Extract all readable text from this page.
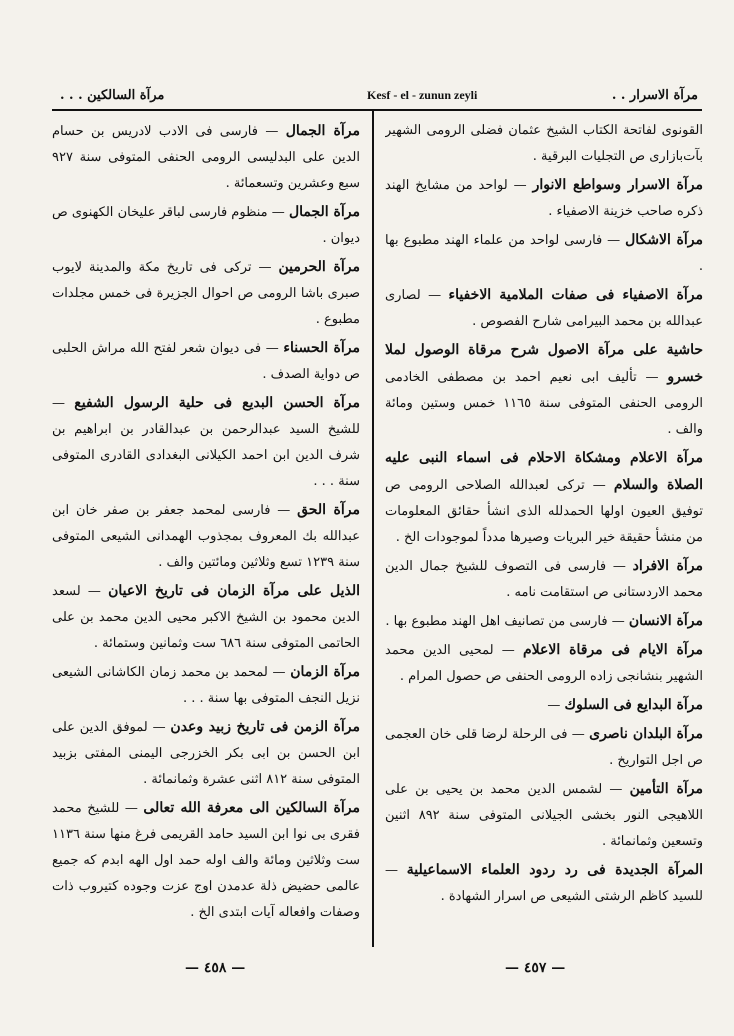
مرآة السالكين . . .	Kesf - el - zunun zeyli	مرآة الاسرار . .

القونوى لفاتحة الكتاب الشيخ عثمان فضلى الرومى الشهير بآت‌بازارى ص التجليات البرقية .

مرآة الاسرار وسواطع الانوار — لواحد من مشايخ الهند ذكره صاحب خزينة الاصفياء .

مرآة الاشكال — فارسى لواحد من علماء الهند مطبوع بها .

مرآة الاصفياء فى صفات الملامية الاخفياء — لصارى عبدالله بن محمد البيرامى شارح الفصوص .

حاشية على مرآة الاصول شرح مرقاة الوصول لملا خسرو — تأليف ابى نعيم احمد بن مصطفى الخادمى الرومى الحنفى المتوفى سنة ١١٦٥ خمس وستين ومائة والف .

مرآة الاعلام ومشكاة الاحلام فى اسماء النبى عليه الصلاة والسلام — تركى لعبدالله الصلاحى الرومى ص توفيق العيون اولها الحمدلله الذى انشأ حقائق المعلومات من منشأ حقيقة خير البريات وصيرها مدداً لموجودات الخ .

مرآة الافراد — فارسى فى التصوف للشيخ جمال الدين محمد الاردستانى ص استقامت نامه .

مرآة الانسان — فارسى من تصانيف اهل الهند مطبوع بها .

مرآة الايام فى مرقاة الاعلام — لمحيى الدين محمد الشهير بنشانجى زاده الرومى الحنفى ص حصول المرام .

مرآة البدايع فى السلوك —

مرآة البلدان ناصرى — فى الرحلة لرضا قلى خان العجمى ص اجل التواريخ .

مرآة التأمين — لشمس الدين محمد بن يحيى بن على اللاهيجى النور بخشى الجيلانى المتوفى سنة ٨٩٢ اثنين وتسعين وثمانمائة .

المرآة الجديدة فى رد ردود العلماء الاسماعيلية — للسيد كاظم الرشتى الشيعى ص اسرار الشهادة .

مرآة الجمال — فارسى فى الادب لادريس بن حسام الدين على البدليسى الرومى الحنفى المتوفى سنة ٩٢٧ سبع وعشرين وتسعمائة .

مرآة الجمال — منظوم فارسى لباقر عليخان الكهنوى ص ديوان .

مرآة الحرمين — تركى فى تاريخ مكة والمدينة لايوب صبرى باشا الرومى ص احوال الجزيرة فى خمس مجلدات مطبوع .

مرآة الحسناء — فى ديوان شعر لفتح الله مراش الحلبى ص دواية الصدف .

مرآة الحسن البديع فى حلية الرسول الشفيع — للشيخ السيد عبدالرحمن بن عبدالقادر بن ابراهيم بن شرف الدين ابن احمد الكيلانى البغدادى القادرى المتوفى سنة . . .

مرآة الحق — فارسى لمحمد جعفر بن صفر خان ابن عبدالله بك المعروف بمجذوب الهمدانى الشيعى المتوفى سنة ١٢٣٩ تسع وثلاثين ومائتين والف .

الذيل على مرآة الزمان فى تاريخ الاعيان — لسعد الدين محمود بن الشيخ الاكبر محيى الدين محمد بن على الحاتمى المتوفى سنة ٦٨٦ ست وثمانين وستمائة .

مرآة الزمان — لمحمد بن محمد زمان الكاشانى الشيعى نزيل النجف المتوفى بها سنة . . .

مرآة الزمن فى تاريخ زبيد وعدن — لموفق الدين على ابن الحسن بن ابى بكر الخزرجى اليمنى المفتى بزبيد المتوفى سنة ٨١٢ اثنى عشرة وثمانمائة .

مرآة السالكين الى معرفة الله تعالى — للشيخ محمد فقرى بى نوا ابن السيد حامد القريمى فرغ منها سنة ١١٣٦ ست وثلاثين ومائة والف اوله حمد اول الهه ابدم كه جميع عالمى حضيض ذلة عدمدن اوج عزت وجوده كتيروب ذات وصفات وافعاله آيات ابتدى الخ .

— ٤٥٨ —	— ٤٥٧ —
